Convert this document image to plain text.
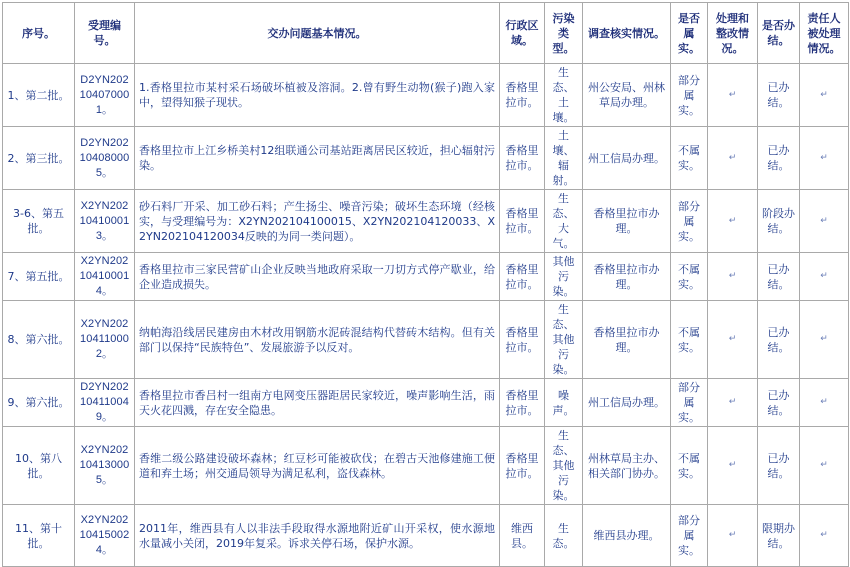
序号。	受理编号。	交办问题基本情况。	行政区域。	污染类型。	调查核实情况。	是否属实。	处理和整改情况。	是否办结。	责任人被处理情况。
1、第二批。	D2YN202104070001。	1.香格里拉市某村采石场破坏植被及溶洞。2.曾有野生动物(猴子)跑入家中，望得知猴子现状。	香格里拉市。	生态、土壤。	州公安局、州林草局办理。	部分属实。	↵	已办结。	↵
2、第三批。	D2YN202104080005。	香格里拉市上江乡桥美村12组联通公司基站距离居民区较近，担心辐射污染。	香格里拉市。	土壤、辐射。	州工信局办理。	不属实。	↵	已办结。	↵
3-6、第五批。	X2YN202104100013。	砂石料厂开采、加工砂石料；产生扬尘、噪音污染；破坏生态环境（经核实，与受理编号为：X2YN202104100015、X2YN202104120033、X2YN202104120034反映的为同一类问题）。	香格里拉市。	生态、大气。	香格里拉市办理。	部分属实。	↵	阶段办结。	↵
7、第五批。	X2YN202104100014。	香格里拉市三家民营矿山企业反映当地政府采取一刀切方式停产歇业，给企业造成损失。	香格里拉市。	其他污染。	香格里拉市办理。	不属实。	↵	已办结。	↵
8、第六批。	X2YN202104110002。	纳帕海沿线居民建房由木材改用钢筋水泥砖混结构代替砖木结构。但有关部门以保持“民族特色”、发展旅游予以反对。	香格里拉市。	生态、其他污染。	香格里拉市办理。	不属实。	↵	已办结。	↵
9、第六批。	D2YN202104110049。	香格里拉市香吕村一组南方电网变压器距居民家较近，噪声影响生活，雨天火花四溅，存在安全隐患。	香格里拉市。	噪声。	州工信局办理。	部分属实。	↵	已办结。	↵
10、第八批。	X2YN202104130005。	香维二级公路建设破坏森林；红豆杉可能被砍伐；在碧古天池修建施工便道和弃土场；州交通局领导为满足私利，盗伐森林。	香格里拉市。	生态、其他污染。	州林草局主办、相关部门协办。	不属实。	↵	已办结。	↵
11、第十批。	X2YN202104150024。	2011年，维西县有人以非法手段取得水源地附近矿山开采权，使水源地水量减小关闭，2019年复采。诉求关停石场，保护水源。	维西县。	生态。	维西县办理。	部分属实。	↵	限期办结。	↵
